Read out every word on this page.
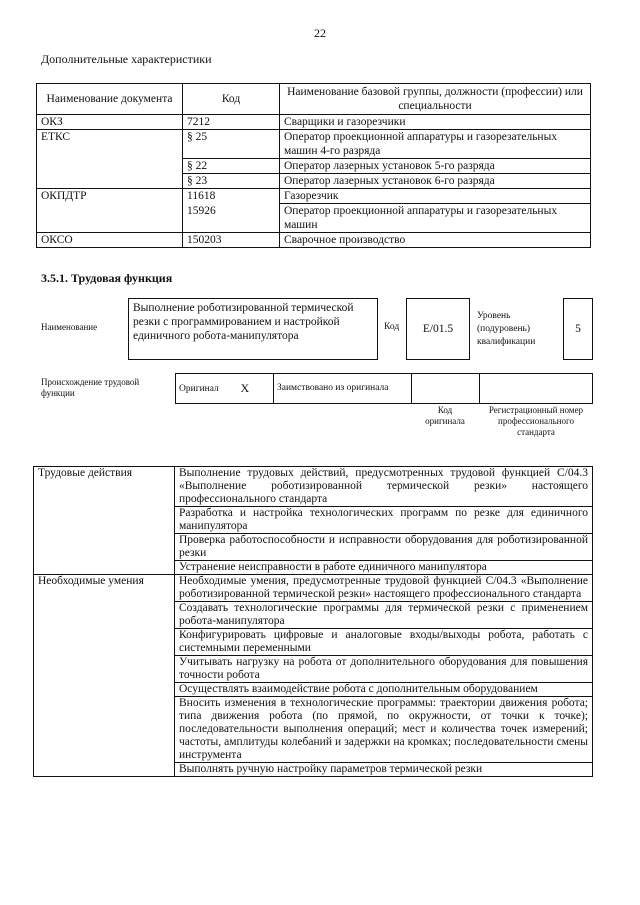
22
Дополнительные характеристики
Наименование документа	Код	Наименование базовой группы, должности (профессии) или специальности
ОКЗ	7212	Сварщики и газорезчики
ЕТКС	§ 25	Оператор проекционной аппаратуры и газорезательных машин 4-го разряда
	§ 22	Оператор лазерных установок 5-го разряда
	§ 23	Оператор лазерных установок 6-го разряда
ОКПДТР	11618	Газорезчик
	15926	Оператор проекционной аппаратуры и газорезательных машин
ОКСО	150203	Сварочное производство
3.5.1. Трудовая функция
Наименование
Выполнение роботизированной термической резки с программированием и настройкой единичного робота-манипулятора
Код E/01.5
Уровень (подуровень) квалификации
5
Происхождение трудовой функции	Оригинал	X	Заимствовано из оригинала		
Код оригинала
Регистрационный номер профессионального стандарта
Трудовые действия	Выполнение трудовых действий, предусмотренных трудовой функцией C/04.3 «Выполнение роботизированной термической резки» настоящего профессионального стандарта
	Разработка и настройка технологических программ по резке для единичного манипулятора
	Проверка работоспособности и исправности оборудования для роботизированной резки
	Устранение неисправности в работе единичного манипулятора
Необходимые умения	Необходимые умения, предусмотренные трудовой функцией C/04.3 «Выполнение роботизированной термической резки» настоящего профессионального стандарта
	Создавать технологические программы для термической резки с применением робота-манипулятора
	Конфигурировать цифровые и аналоговые входы/выходы робота, работать с системными переменными
	Учитывать нагрузку на робота от дополнительного оборудования для повышения точности робота
	Осуществлять взаимодействие робота с дополнительным оборудованием
	Вносить изменения в технологические программы: траектории движения робота; типа движения робота (по прямой, по окружности, от точки к точке); последовательности выполнения операций; мест и количества точек измерений; частоты, амплитуды колебаний и задержки на кромках; последовательности смены инструмента
	Выполнять ручную настройку параметров термической резки
